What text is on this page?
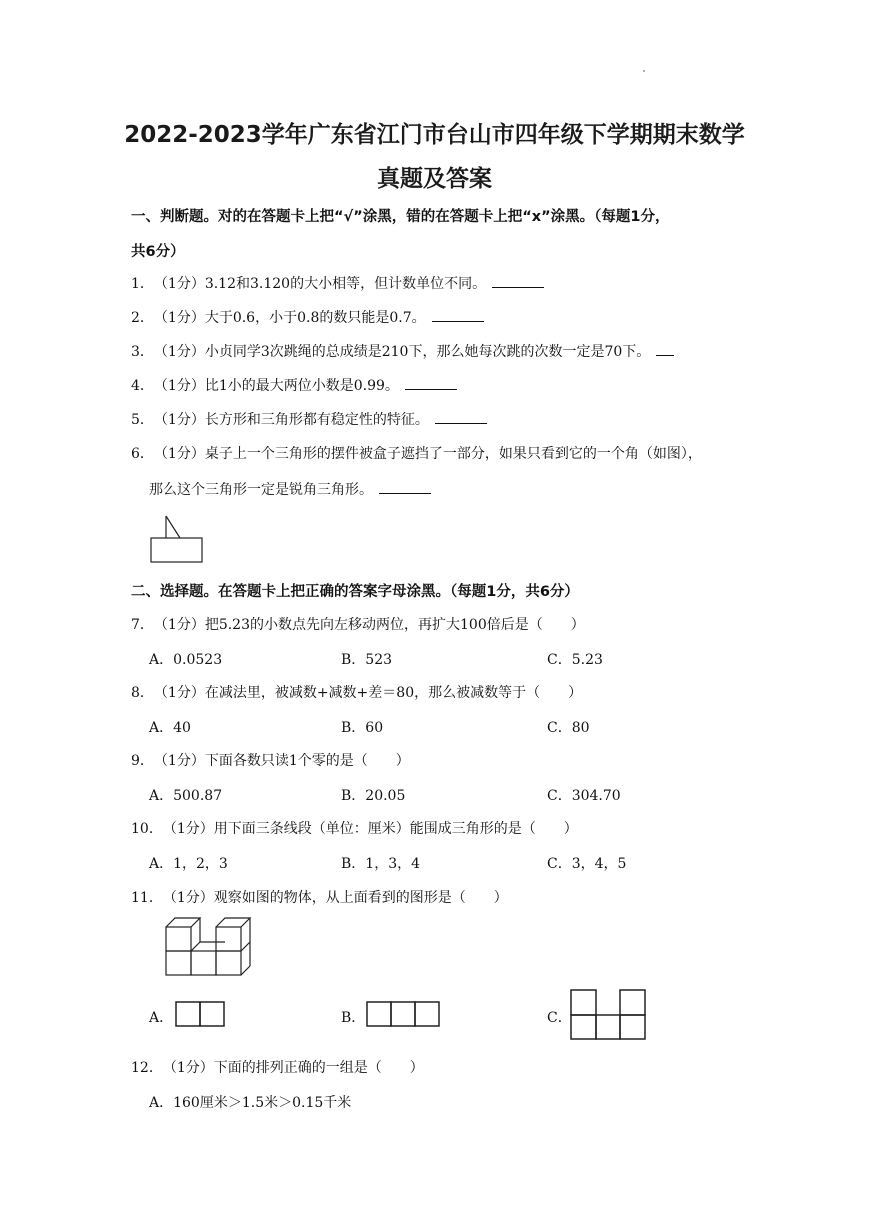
2022-2023学年广东省江门市台山市四年级下学期期末数学
真题及答案
一、判断题。对的在答题卡上把“√”涂黑，错的在答题卡上把“x”涂黑。（每题1分，
共6分）
1．（1分）3.12和3.120的大小相等，但计数单位不同。
2．（1分）大于0.6，小于0.8的数只能是0.7。
3．（1分）小贞同学3次跳绳的总成绩是210下，那么她每次跳的次数一定是70下。
4．（1分）比1小的最大两位小数是0.99。
5．（1分）长方形和三角形都有稳定性的特征。
6．（1分）桌子上一个三角形的摆件被盒子遮挡了一部分，如果只看到它的一个角（如图），
那么这个三角形一定是锐角三角形。
二、选择题。在答题卡上把正确的答案字母涂黑。（每题1分，共6分）
7．（1分）把5.23的小数点先向左移动两位，再扩大100倍后是（　　）
A．0.0523	B．523	C．5.23
8．（1分）在减法里，被减数+减数+差＝80，那么被减数等于（　　）
A．40	B．60	C．80
9．（1分）下面各数只读1个零的是（　　）
A．500.87	B．20.05	C．304.70
10．（1分）用下面三条线段（单位：厘米）能围成三角形的是（　　）
A．1，2，3	B．1，3，4	C．3，4，5
11．（1分）观察如图的物体，从上面看到的图形是（　　）
A．	B．	C．
12．（1分）下面的排列正确的一组是（　　）
A．160厘米＞1.5米＞0.15千米
